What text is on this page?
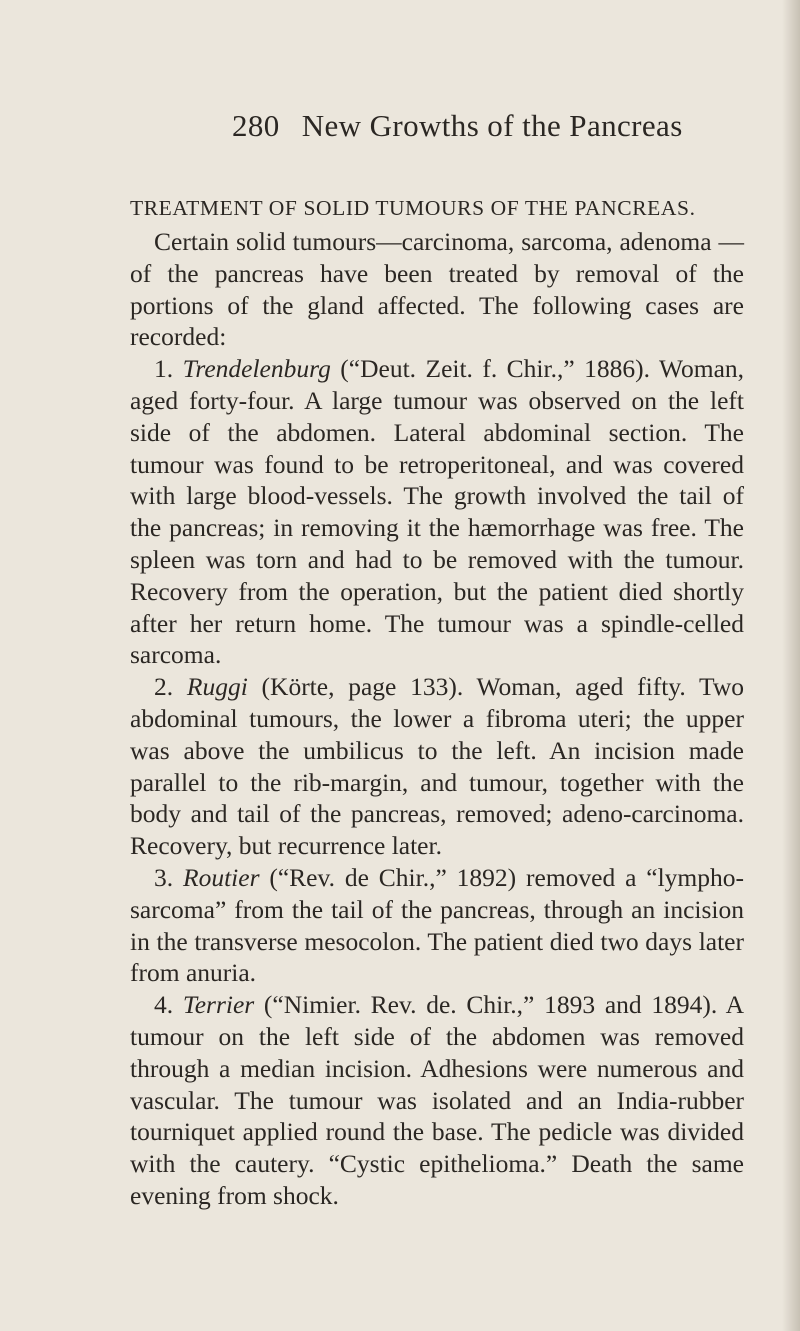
280 New Growths of the Pancreas
TREATMENT OF SOLID TUMOURS OF THE PANCREAS.

Certain solid tumours—carcinoma, sarcoma, adenoma —of the pancreas have been treated by removal of the portions of the gland affected. The following cases are recorded:

1. Trendelenburg (“Deut. Zeit. f. Chir.,” 1886). Woman, aged forty-four. A large tumour was observed on the left side of the abdomen. Lateral abdominal section. The tumour was found to be retroperitoneal, and was covered with large blood-vessels. The growth involved the tail of the pancreas; in removing it the hæmorrhage was free. The spleen was torn and had to be removed with the tumour. Recovery from the operation, but the patient died shortly after her return home. The tumour was a spindle-celled sarcoma.

2. Ruggi (Körte, page 133). Woman, aged fifty. Two abdominal tumours, the lower a fibroma uteri; the upper was above the umbilicus to the left. An incision made parallel to the rib-margin, and tumour, together with the body and tail of the pancreas, removed; adeno-carcinoma. Recovery, but recurrence later.

3. Routier (“Rev. de Chir.,” 1892) removed a “lympho-sarcoma” from the tail of the pancreas, through an incision in the transverse mesocolon. The patient died two days later from anuria.

4. Terrier (“Nimier. Rev. de. Chir.,” 1893 and 1894). A tumour on the left side of the abdomen was removed through a median incision. Adhesions were numerous and vascular. The tumour was isolated and an India-rubber tourniquet applied round the base. The pedicle was divided with the cautery. “Cystic epithelioma.” Death the same evening from shock.
